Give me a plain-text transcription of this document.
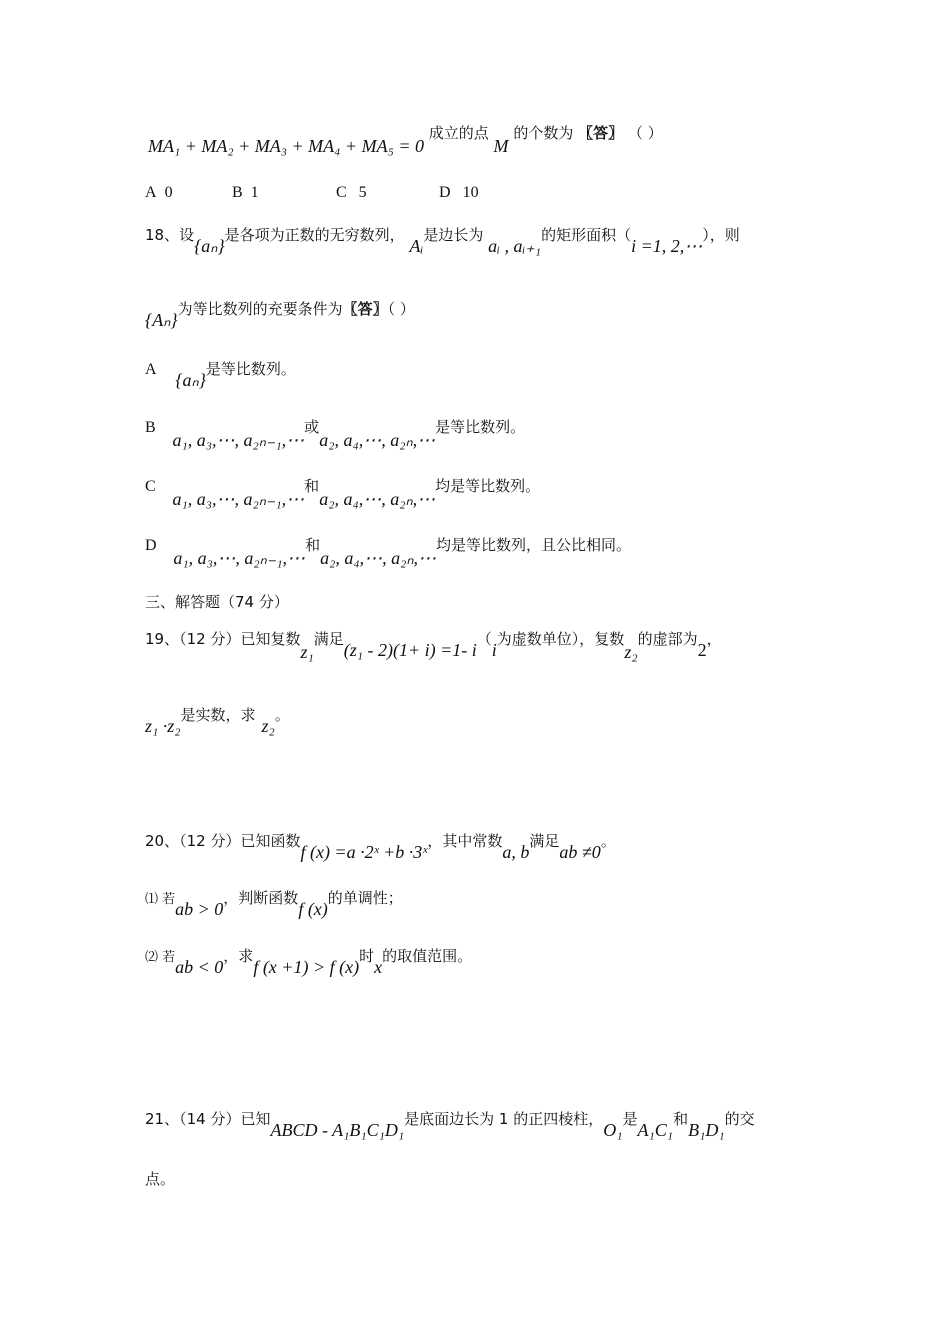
MA₁ + MA₂ + MA₃ + MA₄ + MA₅ = 0 成立的点 M 的个数为 〖答〗 （ ）
A 0	B 1	C 5	D 10
18、设{aₙ}是各项为正数的无穷数列， Aᵢ是边长为 aᵢ , aᵢ₊₁的矩形面积（i =1, 2,⋯），则
{Aₙ}为等比数列的充要条件为〖答〗（ ）
A {aₙ}是等比数列。
B a₁, a₃,⋯, a₂ₙ₋₁,⋯或a₂, a₄,⋯, a₂ₙ,⋯是等比数列。
C a₁, a₃,⋯, a₂ₙ₋₁,⋯和a₂, a₄,⋯, a₂ₙ,⋯均是等比数列。
D a₁, a₃,⋯, a₂ₙ₋₁,⋯和a₂, a₄,⋯, a₂ₙ,⋯均是等比数列，且公比相同。
三、解答题（74 分）
19、（12 分）已知复数z₁满足(z₁ - 2)(1+ i) =1- i（i为虚数单位），复数z₂的虚部为2，
z₁ ·z₂是实数，求z₂。
20、（12 分）已知函数f (x) =a ·2ˣ +b ·3ˣ，其中常数a, b满足ab ≠0。
⑴ 若ab > 0，判断函数f (x)的单调性；
⑵ 若ab < 0，求f (x +1) > f (x)时x的取值范围。
21、（14 分）已知ABCD - A₁B₁C₁D₁是底面边长为 1 的正四棱柱，O₁是A₁C₁和B₁D₁的交
点。
